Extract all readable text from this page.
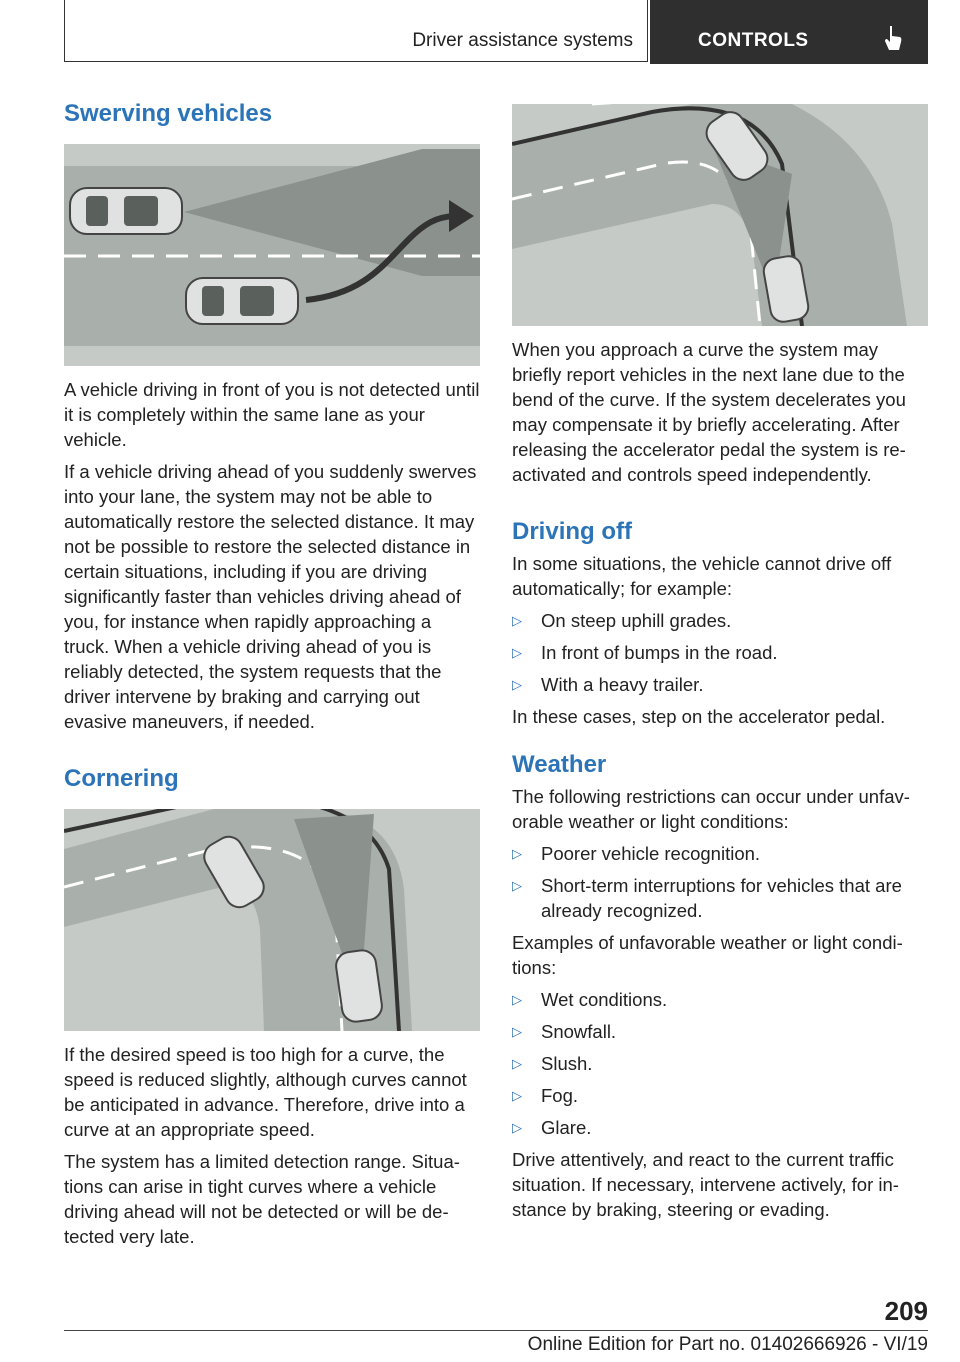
Driver assistance systems	CONTROLS
Swerving vehicles

A vehicle driving in front of you is not detected until it is completely within the same lane as your vehicle.

If a vehicle driving ahead of you suddenly swerves into your lane, the system may not be able to automatically restore the selected distance. It may not be possible to restore the selected distance in certain situations, including if you are driving significantly faster than vehicles driving ahead of you, for instance when rapidly approaching a truck. When a vehicle driving ahead of you is reliably detected, the system requests that the driver intervene by braking and carrying out evasive maneuvers, if needed.

Cornering

If the desired speed is too high for a curve, the speed is reduced slightly, although curves cannot be anticipated in advance. Therefore, drive into a curve at an appropriate speed.

The system has a limited detection range. Situations can arise in tight curves where a vehicle driving ahead will not be detected or will be detected very late.

When you approach a curve the system may briefly report vehicles in the next lane due to the bend of the curve. If the system decelerates you may compensate it by briefly accelerating. After releasing the accelerator pedal the system is reactivated and controls speed independently.

Driving off

In some situations, the vehicle cannot drive off automatically; for example:

▷ On steep uphill grades.
▷ In front of bumps in the road.
▷ With a heavy trailer.

In these cases, step on the accelerator pedal.

Weather

The following restrictions can occur under unfavorable weather or light conditions:

▷ Poorer vehicle recognition.
▷ Short-term interruptions for vehicles that are already recognized.

Examples of unfavorable weather or light conditions:

▷ Wet conditions.
▷ Snowfall.
▷ Slush.
▷ Fog.
▷ Glare.

Drive attentively, and react to the current traffic situation. If necessary, intervene actively, for instance by braking, steering or evading.

209
Online Edition for Part no. 01402666926 - VI/19
